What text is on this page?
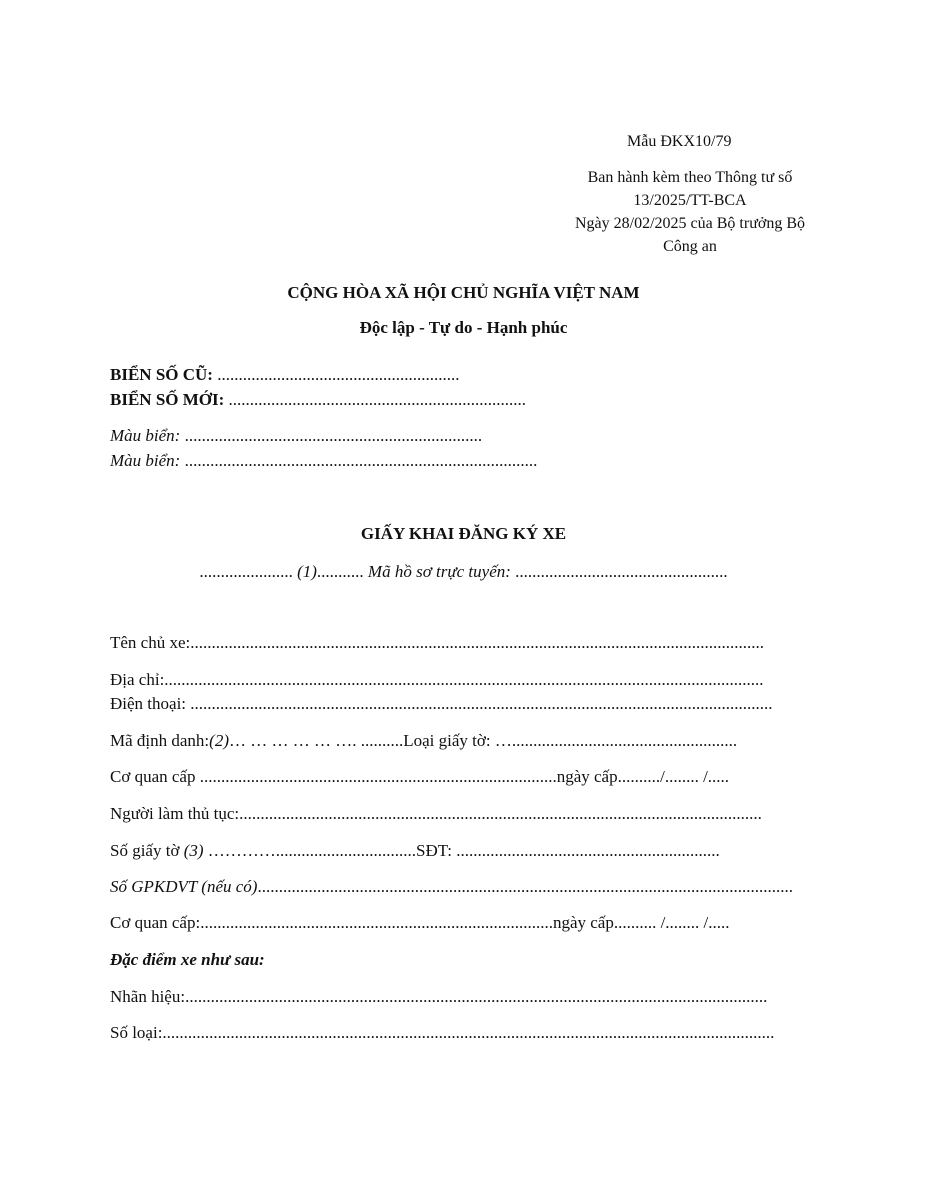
Mẫu ĐKX10/79
Ban hành kèm theo Thông tư số
13/2025/TT-BCA
Ngày 28/02/2025 của Bộ trưởng Bộ
Công an
CỘNG HÒA XÃ HỘI CHỦ NGHĨA VIỆT NAM
Độc lập - Tự do - Hạnh phúc
BIỂN SỐ CŨ: .........................................................
BIỂN SỐ MỚI: ......................................................................
Màu biển: ......................................................................
Màu biển: ...................................................................................
GIẤY KHAI ĐĂNG KÝ XE
...................... (1)........... Mã hồ sơ trực tuyến: ..................................................
Tên chủ xe:.......................................................................................................................................
Địa chỉ:.............................................................................................................................................
Điện thoại: .........................................................................................................................................
Mã định danh:(2)… … … … … …. ..........Loại giấy tờ: ….....................................................
Cơ quan cấp ....................................................................................ngày cấp........../........ /.....
Người làm thủ tục:...........................................................................................................................
Số giấy tờ (3) ………….................................SĐT: ..............................................................
Số GPKDVT (nếu có)..............................................................................................................................
Cơ quan cấp:...................................................................................ngày cấp.......... /........ /.....
Đặc điểm xe như sau:
Nhãn hiệu:.........................................................................................................................................
Số loại:................................................................................................................................................
